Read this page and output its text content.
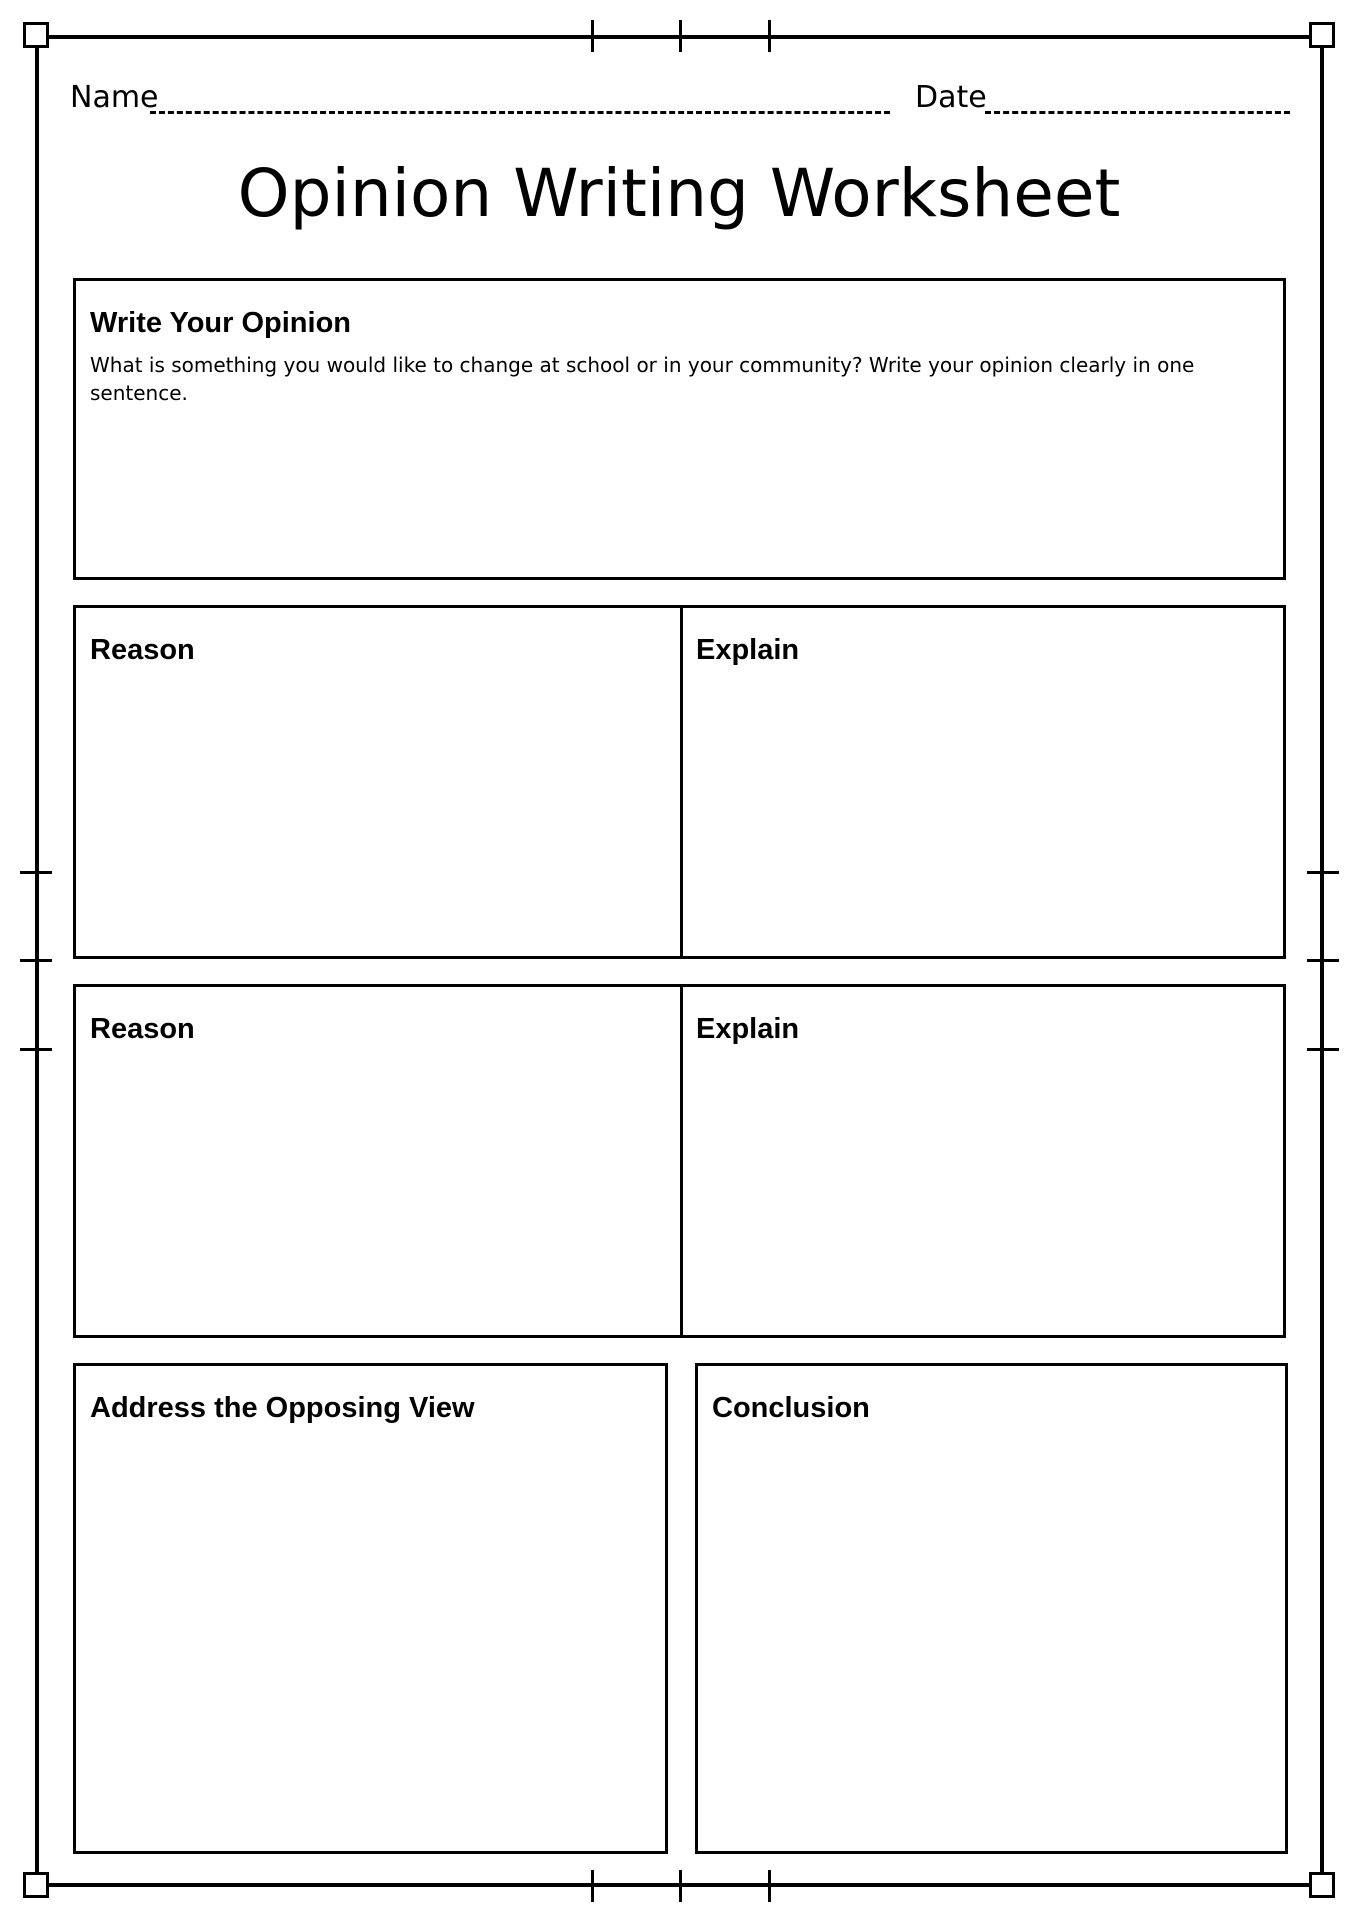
Name	Date
Opinion Writing Worksheet
Write Your Opinion
What is something you would like to change at school or in your community? Write your opinion clearly in one sentence.
Reason	Explain
Reason	Explain
Address the Opposing View	Conclusion
